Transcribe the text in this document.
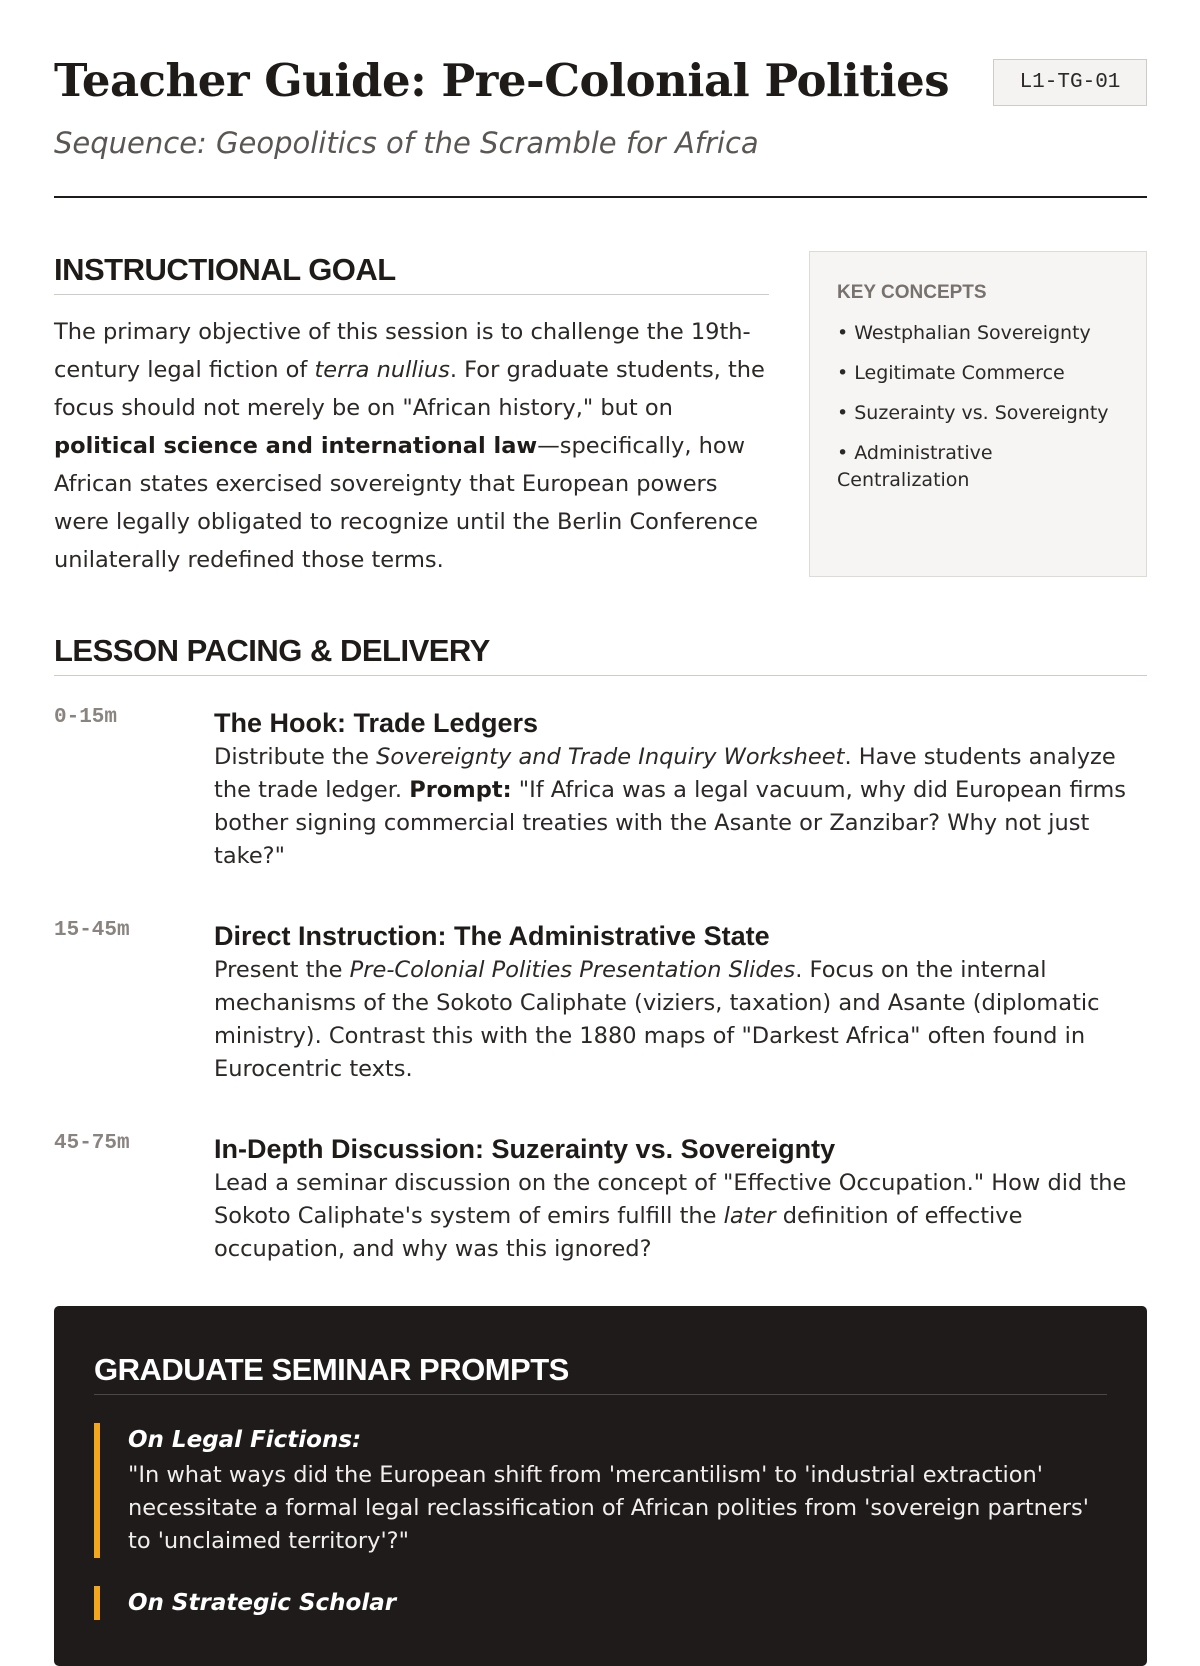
Teacher Guide: Pre-Colonial Polities
Sequence: Geopolitics of the Scramble for Africa
L1-TG-01
INSTRUCTIONAL GOAL

The primary objective of this session is to challenge the 19th-century legal fiction of terra nullius. For graduate students, the focus should not merely be on "African history," but on political science and international law—specifically, how African states exercised sovereignty that European powers were legally obligated to recognize until the Berlin Conference unilaterally redefined those terms.

KEY CONCEPTS
• Westphalian Sovereignty
• Legitimate Commerce
• Suzerainty vs. Sovereignty
• Administrative Centralization
LESSON PACING & DELIVERY
0-15m	The Hook: Trade Ledgers
Distribute the Sovereignty and Trade Inquiry Worksheet. Have students analyze the trade ledger. Prompt: "If Africa was a legal vacuum, why did European firms bother signing commercial treaties with the Asante or Zanzibar? Why not just take?"
15-45m	Direct Instruction: The Administrative State
Present the Pre-Colonial Polities Presentation Slides. Focus on the internal mechanisms of the Sokoto Caliphate (viziers, taxation) and Asante (diplomatic ministry). Contrast this with the 1880 maps of "Darkest Africa" often found in Eurocentric texts.
45-75m	In-Depth Discussion: Suzerainty vs. Sovereignty
Lead a seminar discussion on the concept of "Effective Occupation." How did the Sokoto Caliphate's system of emirs fulfill the later definition of effective occupation, and why was this ignored?
GRADUATE SEMINAR PROMPTS
On Legal Fictions:
"In what ways did the European shift from 'mercantilism' to 'industrial extraction' necessitate a formal legal reclassification of African polities from 'sovereign partners' to 'unclaimed territory'?"
On Strategic Scholar
